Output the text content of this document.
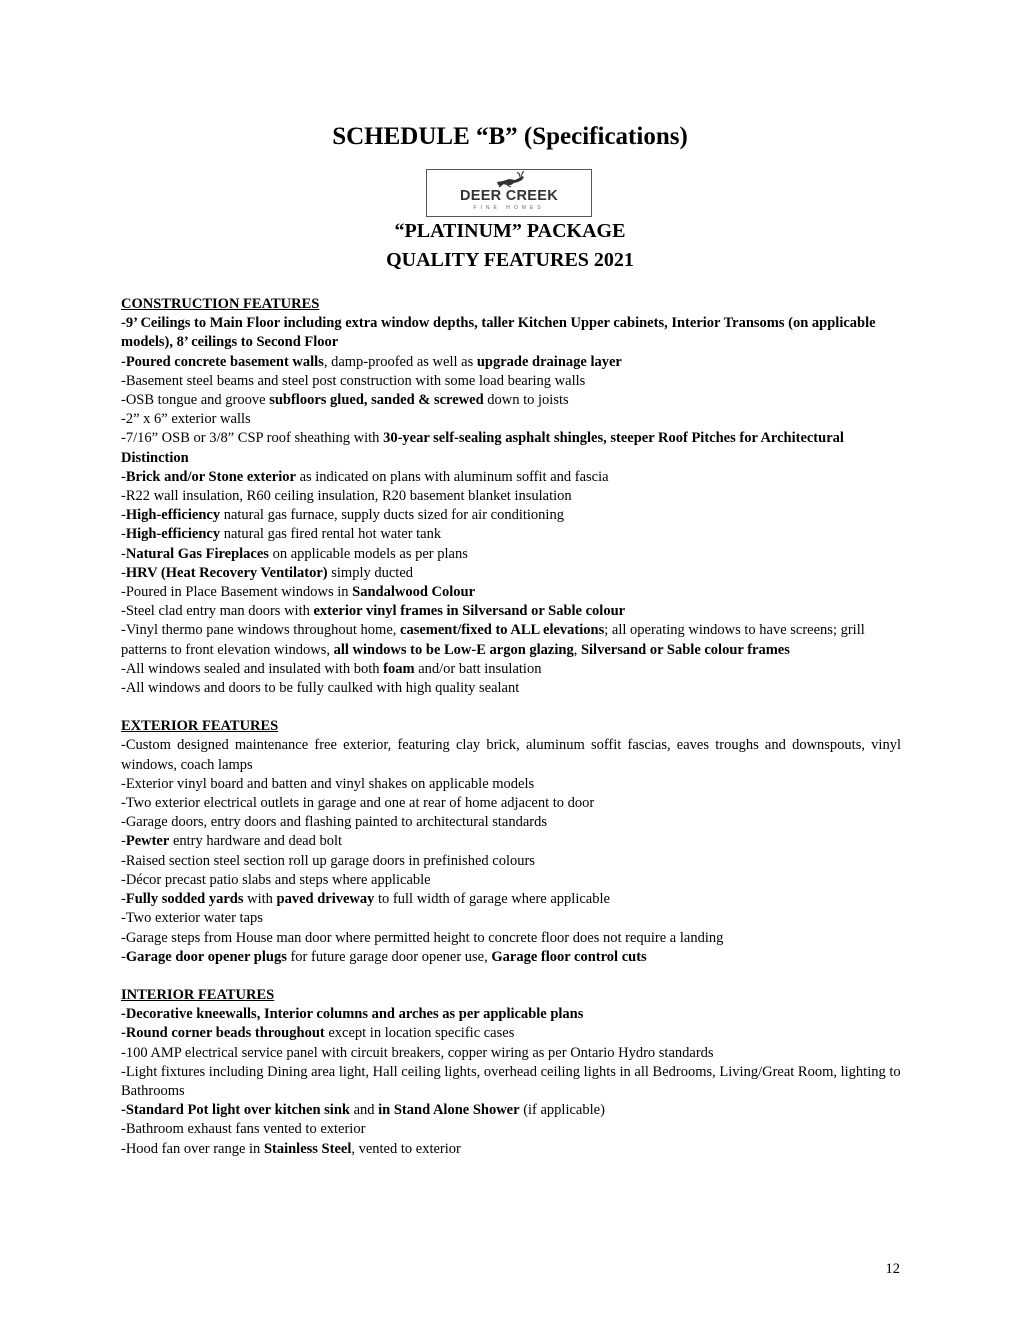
SCHEDULE “B” (Specifications)
DEER CREEK
FINE HOMES
“PLATINUM” PACKAGE
QUALITY FEATURES 2021
CONSTRUCTION FEATURES
-9’ Ceilings to Main Floor including extra window depths, taller Kitchen Upper cabinets, Interior Transoms (on applicable models), 8’ ceilings to Second Floor
-Poured concrete basement walls, damp-proofed as well as upgrade drainage layer
-Basement steel beams and steel post construction with some load bearing walls
-OSB tongue and groove subfloors glued, sanded & screwed down to joists
-2” x 6” exterior walls
-7/16” OSB or 3/8” CSP roof sheathing with 30-year self-sealing asphalt shingles, steeper Roof Pitches for Architectural Distinction
-Brick and/or Stone exterior as indicated on plans with aluminum soffit and fascia
-R22 wall insulation, R60 ceiling insulation, R20 basement blanket insulation
-High-efficiency natural gas furnace, supply ducts sized for air conditioning
-High-efficiency natural gas fired rental hot water tank
-Natural Gas Fireplaces on applicable models as per plans
-HRV (Heat Recovery Ventilator) simply ducted
-Poured in Place Basement windows in Sandalwood Colour
-Steel clad entry man doors with exterior vinyl frames in Silversand or Sable colour
-Vinyl thermo pane windows throughout home, casement/fixed to ALL elevations; all operating windows to have screens; grill patterns to front elevation windows, all windows to be Low-E argon glazing, Silversand or Sable colour frames
-All windows sealed and insulated with both foam and/or batt insulation
-All windows and doors to be fully caulked with high quality sealant
EXTERIOR FEATURES
-Custom designed maintenance free exterior, featuring clay brick, aluminum soffit fascias, eaves troughs and downspouts, vinyl windows, coach lamps
-Exterior vinyl board and batten and vinyl shakes on applicable models
-Two exterior electrical outlets in garage and one at rear of home adjacent to door
-Garage doors, entry doors and flashing painted to architectural standards
-Pewter entry hardware and dead bolt
-Raised section steel section roll up garage doors in prefinished colours
-Décor precast patio slabs and steps where applicable
-Fully sodded yards with paved driveway to full width of garage where applicable
-Two exterior water taps
-Garage steps from House man door where permitted height to concrete floor does not require a landing
-Garage door opener plugs for future garage door opener use, Garage floor control cuts
INTERIOR FEATURES
-Decorative kneewalls, Interior columns and arches as per applicable plans
-Round corner beads throughout except in location specific cases
-100 AMP electrical service panel with circuit breakers, copper wiring as per Ontario Hydro standards
-Light fixtures including Dining area light, Hall ceiling lights, overhead ceiling lights in all Bedrooms, Living/Great Room, lighting to Bathrooms
-Standard Pot light over kitchen sink and in Stand Alone Shower (if applicable)
-Bathroom exhaust fans vented to exterior
-Hood fan over range in Stainless Steel, vented to exterior
12
